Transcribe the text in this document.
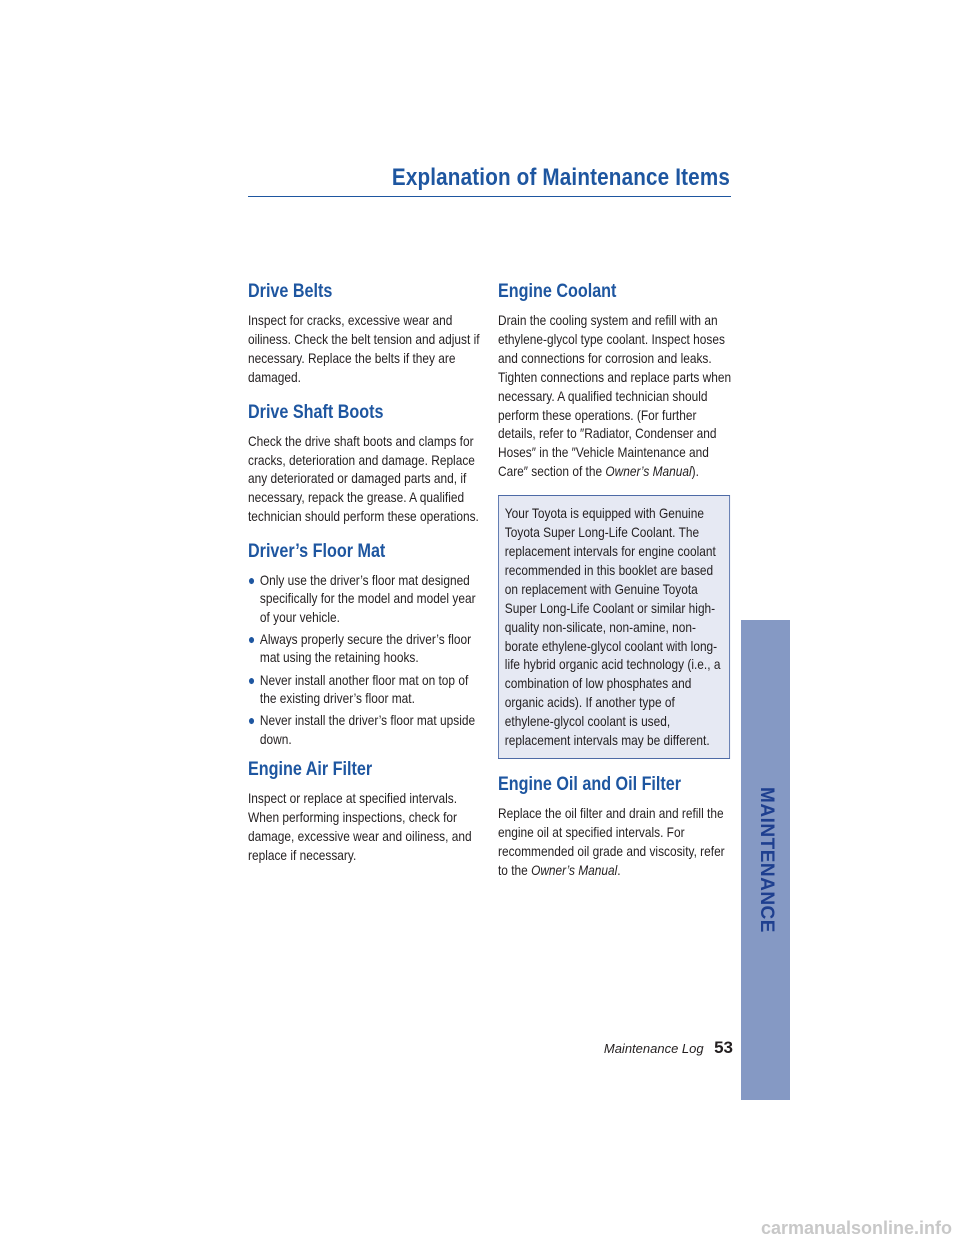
Explanation of Maintenance Items
Drive Belts

Inspect for cracks, excessive wear and oiliness. Check the belt tension and adjust if necessary. Replace the belts if they are damaged.

Drive Shaft Boots

Check the drive shaft boots and clamps for cracks, deterioration and damage. Replace any deteriorated or damaged parts and, if necessary, repack the grease. A qualified technician should perform these operations.

Driver’s Floor Mat
● Only use the driver’s floor mat designed specifically for the model and model year of your vehicle.
● Always properly secure the driver’s floor mat using the retaining hooks.
● Never install another floor mat on top of the existing driver’s floor mat.
● Never install the driver’s floor mat upside down.
Engine Air Filter

Inspect or replace at specified intervals. When performing inspections, check for damage, excessive wear and oiliness, and replace if necessary.

Engine Coolant

Drain the cooling system and refill with an ethylene-glycol type coolant. Inspect hoses and connections for corrosion and leaks. Tighten connections and replace parts when necessary. A qualified technician should perform these operations. (For further details, refer to ″Radiator, Condenser and Hoses″ in the ″Vehicle Maintenance and Care″ section of the Owner’s Manual).

Your Toyota is equipped with Genuine Toyota Super Long-Life Coolant. The replacement intervals for engine coolant recommended in this booklet are based on replacement with Genuine Toyota Super Long-Life Coolant or similar high-quality non-silicate, non-amine, non-borate ethylene-glycol coolant with long-life hybrid organic acid technology (i.e., a combination of low phosphates and organic acids). If another type of ethylene-glycol coolant is used, replacement intervals may be different.

Engine Oil and Oil Filter

Replace the oil filter and drain and refill the engine oil at specified intervals. For recommended oil grade and viscosity, refer to the Owner’s Manual.	MAINTENANCE
Maintenance Log 53
carmanualsonline.info
